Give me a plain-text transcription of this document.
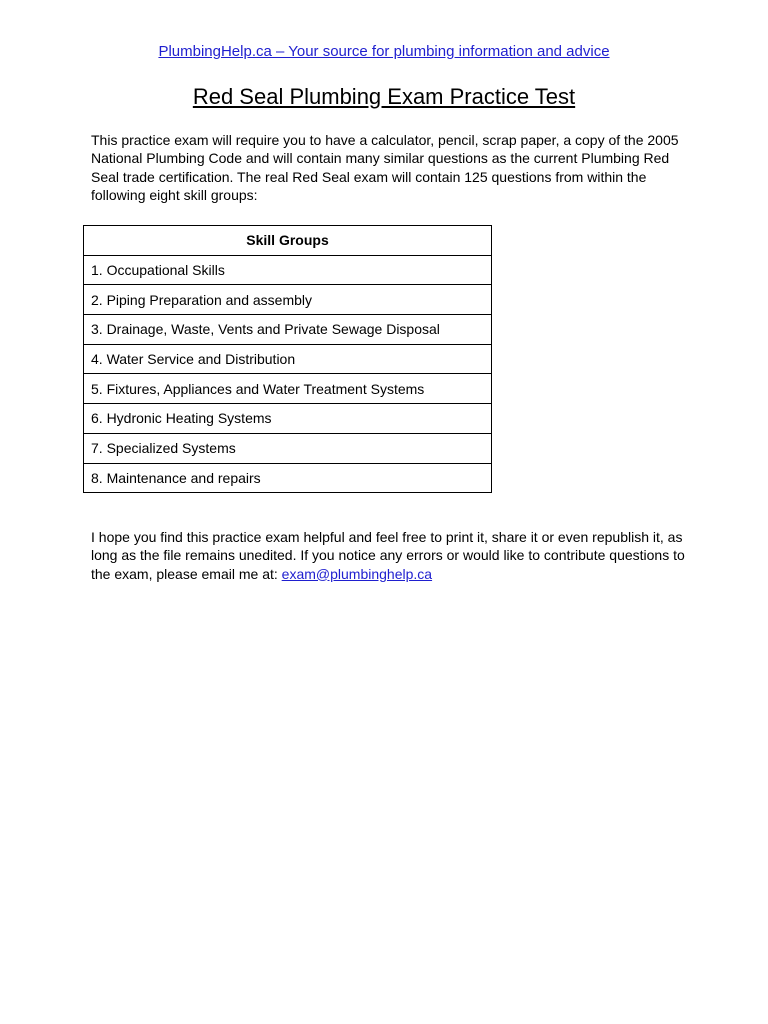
PlumbingHelp.ca – Your source for plumbing information and advice
Red Seal Plumbing Exam Practice Test

This practice exam will require you to have a calculator, pencil, scrap paper, a copy of the 2005 National Plumbing Code and will contain many similar questions as the current Plumbing Red Seal trade certification. The real Red Seal exam will contain 125 questions from within the following eight skill groups:

Skill Groups
1. Occupational Skills
2. Piping Preparation and assembly
3. Drainage, Waste, Vents and Private Sewage Disposal
4. Water Service and Distribution
5. Fixtures, Appliances and Water Treatment Systems
6. Hydronic Heating Systems
7. Specialized Systems
8. Maintenance and repairs

I hope you find this practice exam helpful and feel free to print it, share it or even republish it, as long as the file remains unedited. If you notice any errors or would like to contribute questions to the exam, please email me at: exam@plumbinghelp.ca
